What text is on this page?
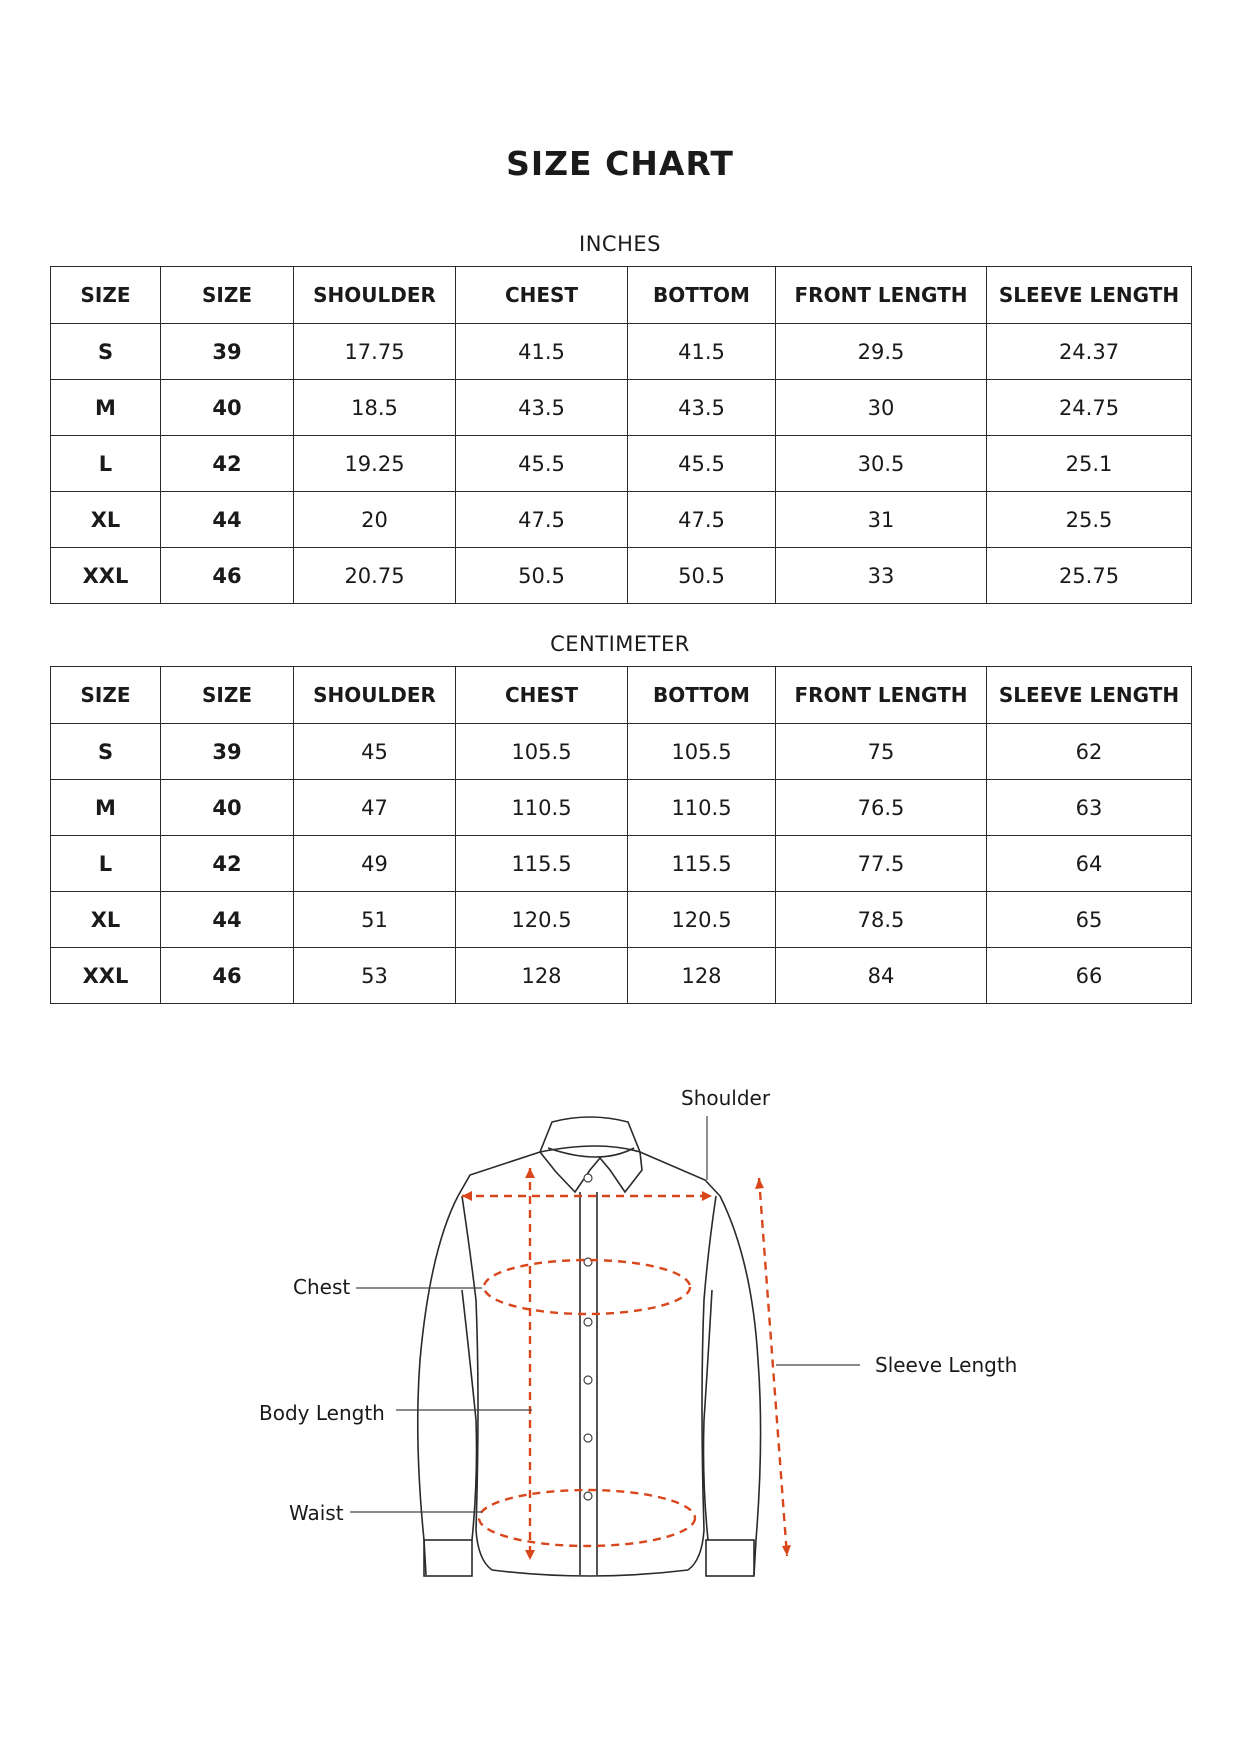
SIZE CHART
INCHES
SIZE	SIZE	SHOULDER	CHEST	BOTTOM	FRONT LENGTH	SLEEVE LENGTH
S	39	17.75	41.5	41.5	29.5	24.37
M	40	18.5	43.5	43.5	30	24.75
L	42	19.25	45.5	45.5	30.5	25.1
XL	44	20	47.5	47.5	31	25.5
XXL	46	20.75	50.5	50.5	33	25.75
CENTIMETER
SIZE	SIZE	SHOULDER	CHEST	BOTTOM	FRONT LENGTH	SLEEVE LENGTH
S	39	45	105.5	105.5	75	62
M	40	47	110.5	110.5	76.5	63
L	42	49	115.5	115.5	77.5	64
XL	44	51	120.5	120.5	78.5	65
XXL	46	53	128	128	84	66
Shoulder
Chest
Body Length
Waist
Sleeve Length
